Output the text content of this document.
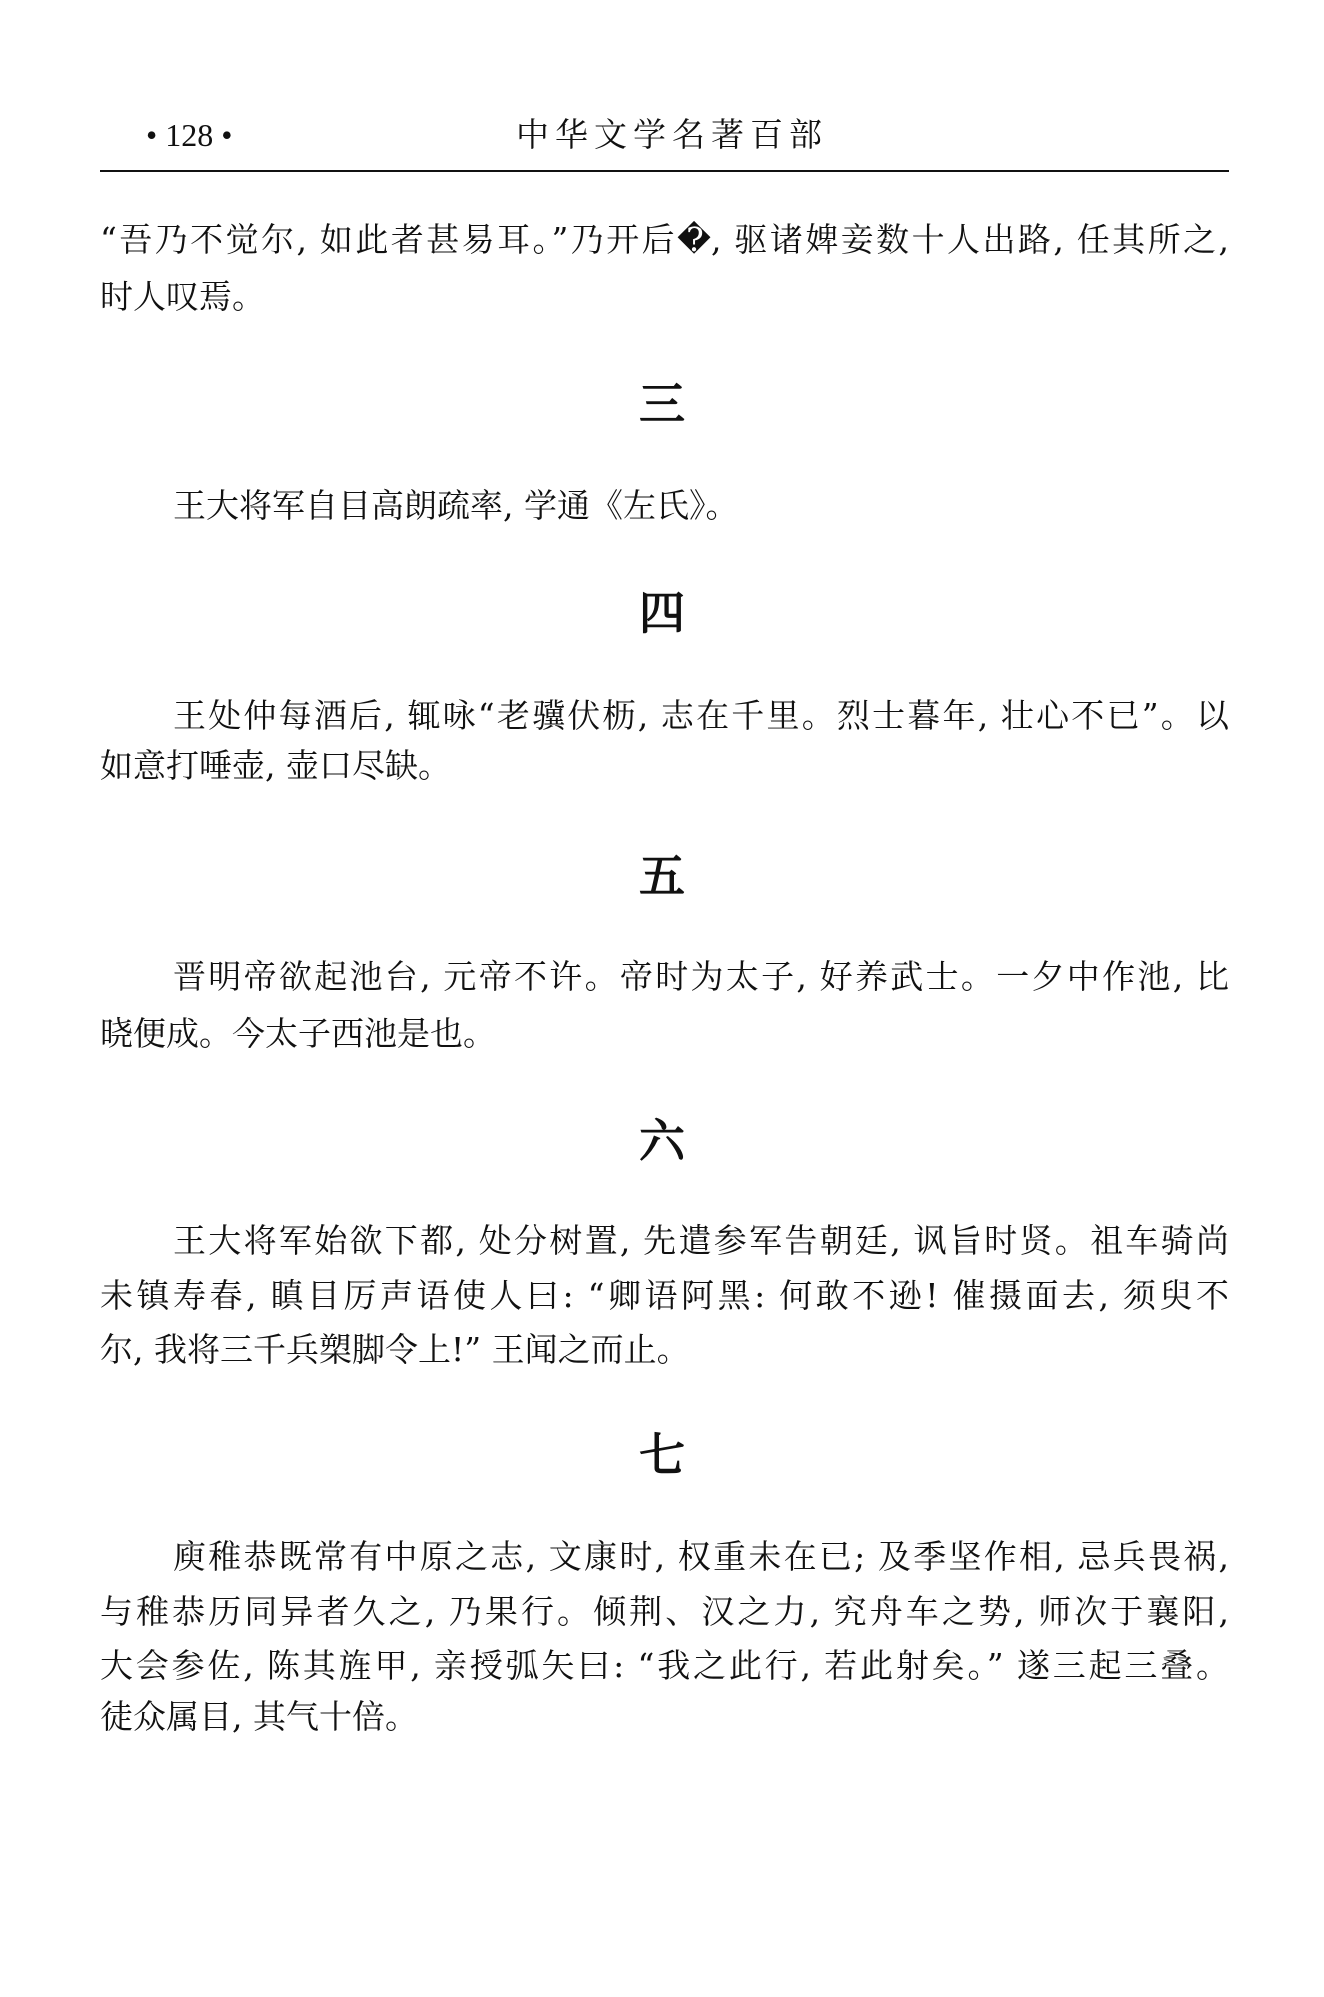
• 128 •	中华文学名著百部
“吾乃不觉尔, 如此者甚易耳。”乃开后�, 驱诸婢妾数十人出路, 任其所之,
时人叹焉。
三
王大将军自目高朗疏率, 学通《左氏》。
四
王处仲每酒后, 辄咏“老骥伏枥, 志在千里。烈士暮年, 壮心不已”。以
如意打唾壶, 壶口尽缺。
五
晋明帝欲起池台, 元帝不许。帝时为太子, 好养武士。一夕中作池, 比
晓便成。今太子西池是也。
六
王大将军始欲下都, 处分树置, 先遣参军告朝廷, 讽旨时贤。祖车骑尚
未镇寿春, 瞋目厉声语使人曰: “卿语阿黑: 何敢不逊! 催摄面去, 须臾不
尔, 我将三千兵槊脚令上!” 王闻之而止。
七
庾稚恭既常有中原之志, 文康时, 权重未在已; 及季坚作相, 忌兵畏祸,
与稚恭历同异者久之, 乃果行。倾荆、汉之力, 究舟车之势, 师次于襄阳,
大会参佐, 陈其旌甲, 亲授弧矢曰: “我之此行, 若此射矣。” 遂三起三叠。
徒众属目, 其气十倍。
